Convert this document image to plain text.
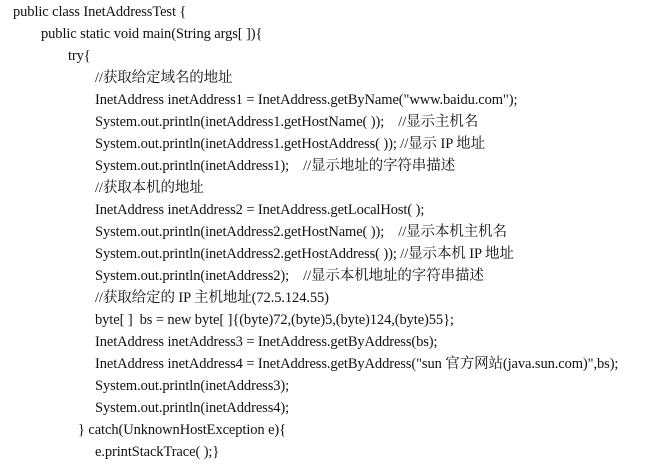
public class InetAddressTest {
public static void main(String args[ ]){
try{
//获取给定域名的地址
InetAddress inetAddress1 = InetAddress.getByName("www.baidu.com");
System.out.println(inetAddress1.getHostName( ));    //显示主机名
System.out.println(inetAddress1.getHostAddress( )); //显示 IP 地址
System.out.println(inetAddress1);    //显示地址的字符串描述
//获取本机的地址
InetAddress inetAddress2 = InetAddress.getLocalHost( );
System.out.println(inetAddress2.getHostName( ));    //显示本机主机名
System.out.println(inetAddress2.getHostAddress( )); //显示本机 IP 地址
System.out.println(inetAddress2);    //显示本机地址的字符串描述
//获取给定的 IP 主机地址(72.5.124.55)
byte[ ]  bs = new byte[ ]{(byte)72,(byte)5,(byte)124,(byte)55};
InetAddress inetAddress3 = InetAddress.getByAddress(bs);
InetAddress inetAddress4 = InetAddress.getByAddress("sun 官方网站(java.sun.com)",bs);
System.out.println(inetAddress3);
System.out.println(inetAddress4);
} catch(UnknownHostException e){
e.printStackTrace( );}
